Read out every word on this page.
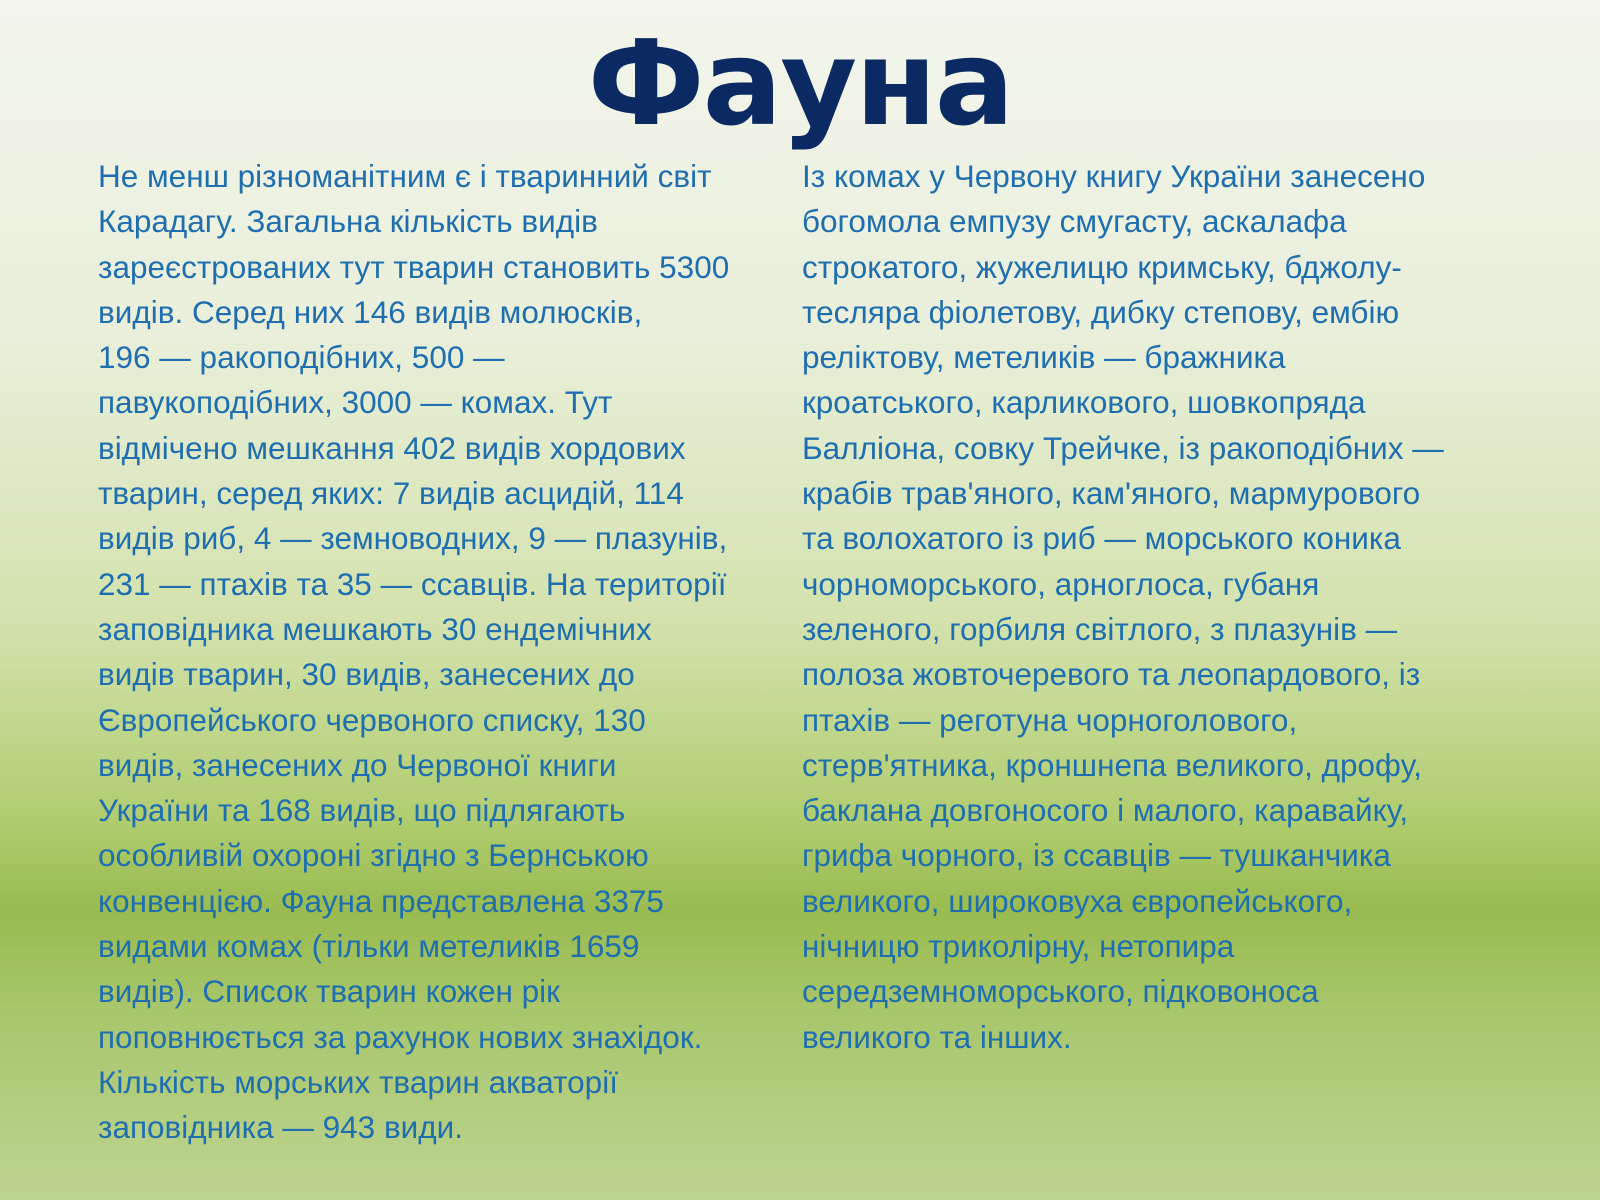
Фауна
Не менш різноманітним є і тваринний світ
Карадагу. Загальна кількість видів
зареєстрованих тут тварин становить 5300
видів. Серед них 146 видів молюсків,
196 — ракоподібних, 500 —
павукоподібних, 3000 — комах. Тут
відмічено мешкання 402 видів хордових
тварин, серед яких: 7 видів асцидій, 114
видів риб, 4 — земноводних, 9 — плазунів,
231 — птахів та 35 — ссавців. На території
заповідника мешкають 30 ендемічних
видів тварин, 30 видів, занесених до
Європейського червоного списку, 130
видів, занесених до Червоної книги
України та 168 видів, що підлягають
особливій охороні згідно з Бернською
конвенцією. Фауна представлена 3375
видами комах (тільки метеликів 1659
видів). Список тварин кожен рік
поповнюється за рахунок нових знахідок.
Кількість морських тварин акваторії
заповідника — 943 види.
Із комах у Червону книгу України занесено
богомола емпузу смугасту, аскалафа
строкатого, жужелицю кримську, бджолу-
тесляра фіолетову, дибку степову, ембію
реліктову, метеликів — бражника
кроатського, карликового, шовкопряда
Балліона, совку Трейчке, із ракоподібних —
крабів трав'яного, кам'яного, мармурового
та волохатого із риб — морського коника
чорноморського, арноглоса, губаня
зеленого, горбиля світлого, з плазунів —
полоза жовточеревого та леопардового, із
птахів — реготуна чорноголового,
стерв'ятника, кроншнепа великого, дрофу,
баклана довгоносого і малого, каравайку,
грифа чорного, із ссавців — тушканчика
великого, широковуха європейського,
нічницю триколірну, нетопира
середземноморського, підковоноса
великого та інших.
